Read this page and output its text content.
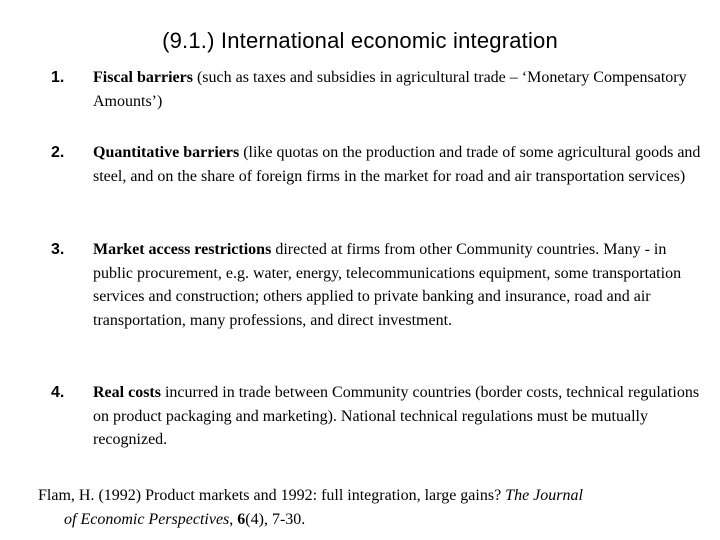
(9.1.) International economic integration
1. Fiscal barriers (such as taxes and subsidies in agricultural trade – ‘Monetary Compensatory Amounts’)
2. Quantitative barriers (like quotas on the production and trade of some agricultural goods and steel, and on the share of foreign firms in the market for road and air transportation services)
3. Market access restrictions directed at firms from other Community countries. Many - in public procurement, e.g. water, energy, telecommunications equipment, some transportation services and construction; others applied to private banking and insurance, road and air transportation, many professions, and direct investment.
4. Real costs incurred in trade between Community countries (border costs, technical regulations on product packaging and marketing). National technical regulations must be mutually recognized.
Flam, H. (1992) Product markets and 1992: full integration, large gains? The Journal
of Economic Perspectives, 6(4), 7-30.
